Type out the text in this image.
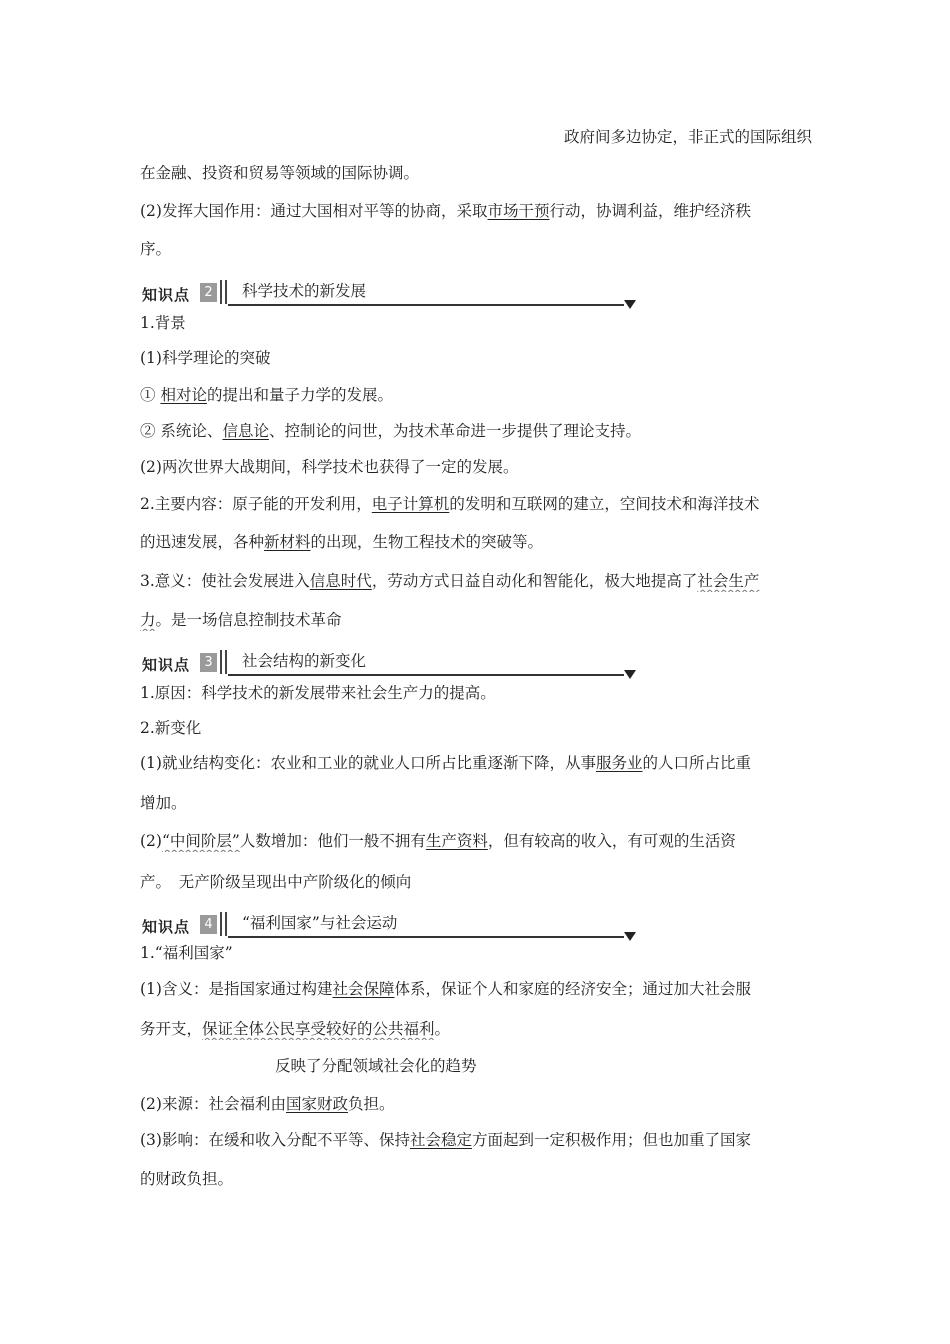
政府间多边协定，非正式的国际组织
在金融、投资和贸易等领域的国际协调。
(2)发挥大国作用：通过大国相对平等的协商，采取市场干预行动，协调利益，维护经济秩
序。
知识点	2 科学技术的新发展
1.背景
(1)科学理论的突破
① 相对论的提出和量子力学的发展。
② 系统论、信息论、控制论的问世，为技术革命进一步提供了理论支持。
(2)两次世界大战期间，科学技术也获得了一定的发展。
2.主要内容：原子能的开发利用，电子计算机的发明和互联网的建立，空间技术和海洋技术
的迅速发展，各种新材料的出现，生物工程技术的突破等。
3.意义：使社会发展进入信息时代，劳动方式日益自动化和智能化，极大地提高了社会生产
力。是一场信息控制技术革命
知识点	3 社会结构的新变化
1.原因：科学技术的新发展带来社会生产力的提高。
2.新变化
(1)就业结构变化：农业和工业的就业人口所占比重逐渐下降，从事服务业的人口所占比重
增加。
(2)“中间阶层”人数增加：他们一般不拥有生产资料，但有较高的收入，有可观的生活资
产。　无产阶级呈现出中产阶级化的倾向
知识点	4 “福利国家”与社会运动
1.“福利国家”
(1)含义：是指国家通过构建社会保障体系，保证个人和家庭的经济安全；通过加大社会服
务开支，保证全体公民享受较好的公共福利。
反映了分配领域社会化的趋势
(2)来源：社会福利由国家财政负担。
(3)影响：在缓和收入分配不平等、保持社会稳定方面起到一定积极作用；但也加重了国家
的财政负担。
